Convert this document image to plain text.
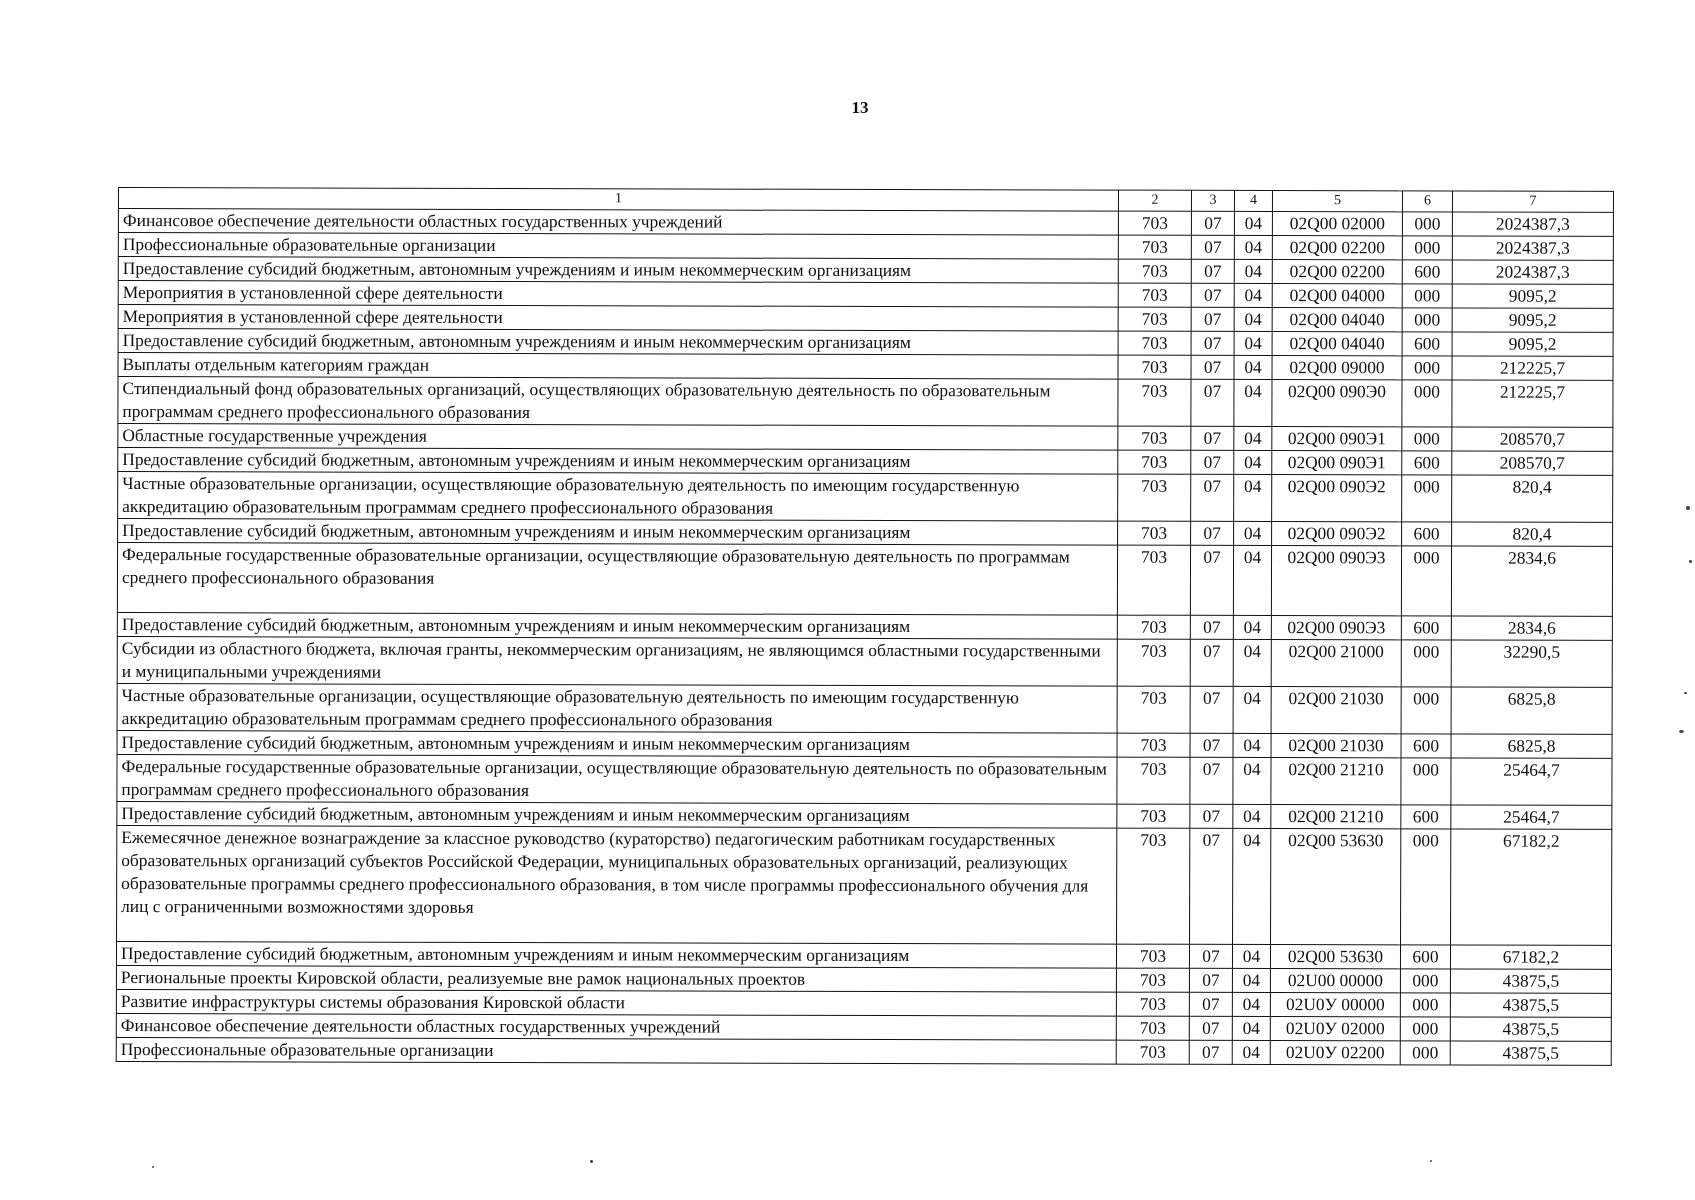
13
1	2	3	4	5	6	7
Финансовое обеспечение деятельности областных государственных учреждений	703	07	04	02Q00 02000	000	2024387,3
Профессиональные образовательные организации	703	07	04	02Q00 02200	000	2024387,3
Предоставление субсидий бюджетным, автономным учреждениям и иным некоммерческим организациям	703	07	04	02Q00 02200	600	2024387,3
Мероприятия в установленной сфере деятельности	703	07	04	02Q00 04000	000	9095,2
Мероприятия в установленной сфере деятельности	703	07	04	02Q00 04040	000	9095,2
Предоставление субсидий бюджетным, автономным учреждениям и иным некоммерческим организациям	703	07	04	02Q00 04040	600	9095,2
Выплаты отдельным категориям граждан	703	07	04	02Q00 09000	000	212225,7
Стипендиальный фонд образовательных организаций, осуществляющих образовательную деятельность по образовательным программам среднего профессионального образования	703	07	04	02Q00 090Э0	000	212225,7
Областные государственные учреждения	703	07	04	02Q00 090Э1	000	208570,7
Предоставление субсидий бюджетным, автономным учреждениям и иным некоммерческим организациям	703	07	04	02Q00 090Э1	600	208570,7
Частные образовательные организации, осуществляющие образовательную деятельность по имеющим государственную аккредитацию образовательным программам среднего профессионального образования	703	07	04	02Q00 090Э2	000	820,4
Предоставление субсидий бюджетным, автономным учреждениям и иным некоммерческим организациям	703	07	04	02Q00 090Э2	600	820,4
Федеральные государственные образовательные организации, осуществляющие образовательную деятельность по программам среднего профессионального образования	703	07	04	02Q00 090Э3	000	2834,6
Предоставление субсидий бюджетным, автономным учреждениям и иным некоммерческим организациям	703	07	04	02Q00 090Э3	600	2834,6
Субсидии из областного бюджета, включая гранты, некоммерческим организациям, не являющимся областными государственными и муниципальными учреждениями	703	07	04	02Q00 21000	000	32290,5
Частные образовательные организации, осуществляющие образовательную деятельность по имеющим государственную аккредитацию образовательным программам среднего профессионального образования	703	07	04	02Q00 21030	000	6825,8
Предоставление субсидий бюджетным, автономным учреждениям и иным некоммерческим организациям	703	07	04	02Q00 21030	600	6825,8
Федеральные государственные образовательные организации, осуществляющие образовательную деятельность по образовательным программам среднего профессионального образования	703	07	04	02Q00 21210	000	25464,7
Предоставление субсидий бюджетным, автономным учреждениям и иным некоммерческим организациям	703	07	04	02Q00 21210	600	25464,7
Ежемесячное денежное вознаграждение за классное руководство (кураторство) педагогическим работникам государственных образовательных организаций субъектов Российской Федерации, муниципальных образовательных организаций, реализующих образовательные программы среднего профессионального образования, в том числе программы профессионального обучения для лиц с ограниченными возможностями здоровья	703	07	04	02Q00 53630	000	67182,2
Предоставление субсидий бюджетным, автономным учреждениям и иным некоммерческим организациям	703	07	04	02Q00 53630	600	67182,2
Региональные проекты Кировской области, реализуемые вне рамок национальных проектов	703	07	04	02U00 00000	000	43875,5
Развитие инфраструктуры системы образования Кировской области	703	07	04	02U0У 00000	000	43875,5
Финансовое обеспечение деятельности областных государственных учреждений	703	07	04	02U0У 02000	000	43875,5
Профессиональные образовательные организации	703	07	04	02U0У 02200	000	43875,5
